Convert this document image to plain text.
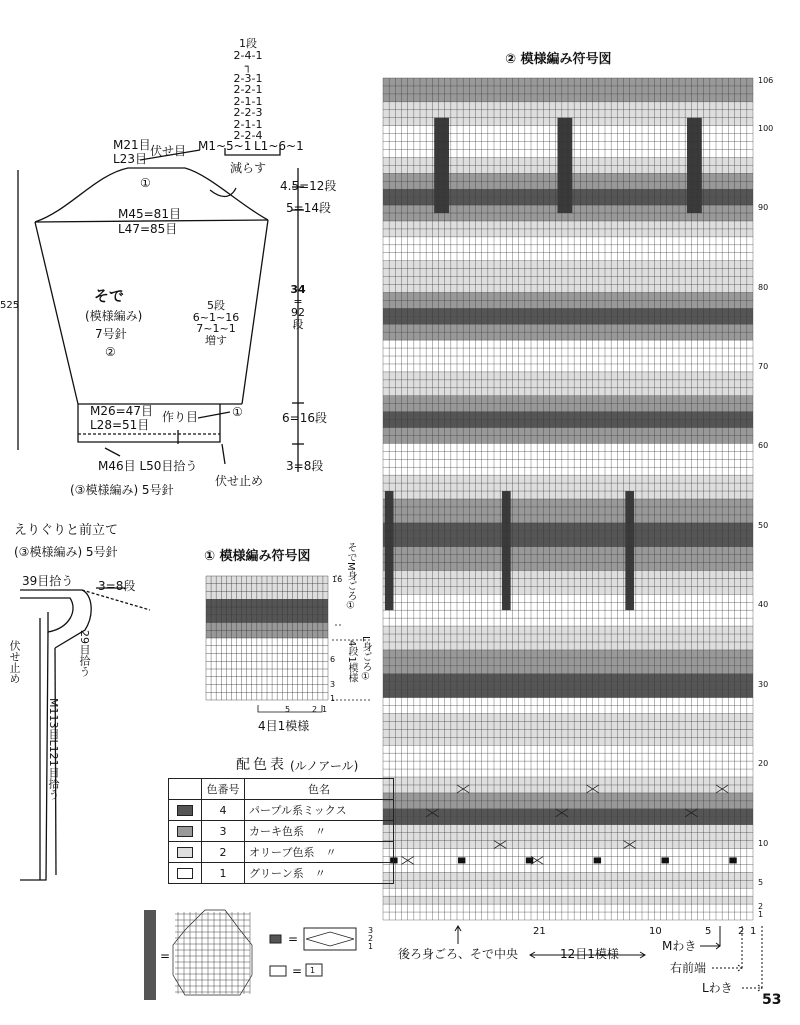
② 模様編み符号図
106
100
90
80
70
60
50
40
30
20
10
5
2
1
21	10	5	2 1
後ろ身ごろ、そで中央	12目1模様
Mわき
右前端
Lわき
53
1段
2-4-1
┐
2-3-1
2-2-1
2-1-1
2-2-3
2-1-1
2-2-4
M1~5~1 L1~6~1
減らす
M21目
L23目
伏せ目
①
M45=81目
L47=85目
そで
(模様編み)
7号針
②
5段
6~1~16
7~1~1
増す
M26=47目
L28=51目
作り目	①
M46目 L50目拾う
(③模様編み) 5号針
伏せ止め
525
4.5=12段
5=14段
34
=
92
段
6=16段
3=8段
えりぐりと前立て
(③模様編み) 5号針
39目拾う 3=8段
29目拾う
伏せ止め
M113目L121目拾う
① 模様編み符号図
16
6
3
1
5	2 1
4目1模様
そでM身ごろ①
4段1模様 L身ごろ①
配色表 (ルノアール)
	色番号	色名
	4	パープル系ミックス
	3	カーキ色系　〃
	2	オリーブ色系　〃
	1	グリーン系　〃
=
=
= 1
3
2
1
